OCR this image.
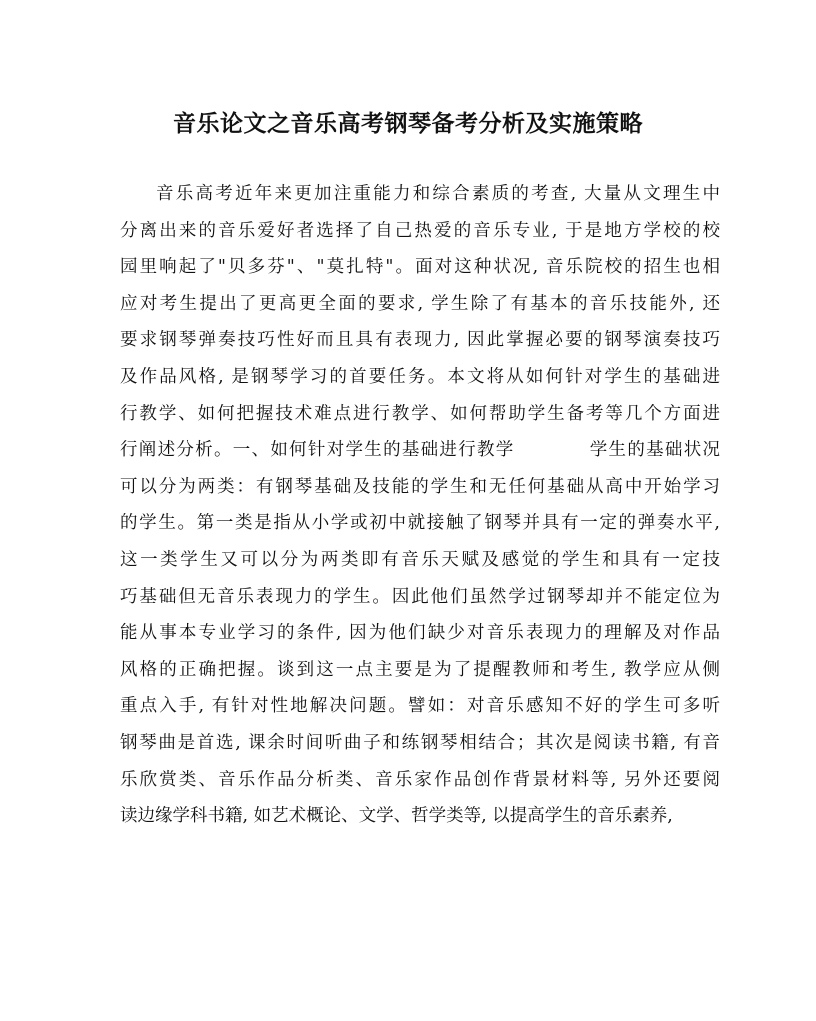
音乐论文之音乐高考钢琴备考分析及实施策略
音乐高考近年来更加注重能力和综合素质的考查, 大量从文理生中
分离出来的音乐爱好者选择了自己热爱的音乐专业, 于是地方学校的校
园里响起了"贝多芬"、"莫扎特"。面对这种状况, 音乐院校的招生也相
应对考生提出了更高更全面的要求, 学生除了有基本的音乐技能外, 还
要求钢琴弹奏技巧性好而且具有表现力, 因此掌握必要的钢琴演奏技巧
及作品风格, 是钢琴学习的首要任务。本文将从如何针对学生的基础进
行教学、如何把握技术难点进行教学、如何帮助学生备考等几个方面进
行阐述分析。一、如何针对学生的基础进行教学　　　　学生的基础状况
可以分为两类：有钢琴基础及技能的学生和无任何基础从高中开始学习
的学生。第一类是指从小学或初中就接触了钢琴并具有一定的弹奏水平,
这一类学生又可以分为两类即有音乐天赋及感觉的学生和具有一定技
巧基础但无音乐表现力的学生。因此他们虽然学过钢琴却并不能定位为
能从事本专业学习的条件, 因为他们缺少对音乐表现力的理解及对作品
风格的正确把握。谈到这一点主要是为了提醒教师和考生, 教学应从侧
重点入手, 有针对性地解决问题。譬如：对音乐感知不好的学生可多听
钢琴曲是首选, 课余时间听曲子和练钢琴相结合；其次是阅读书籍, 有音
乐欣赏类、音乐作品分析类、音乐家作品创作背景材料等, 另外还要阅
读边缘学科书籍, 如艺术概论、文学、哲学类等, 以提高学生的音乐素养,
